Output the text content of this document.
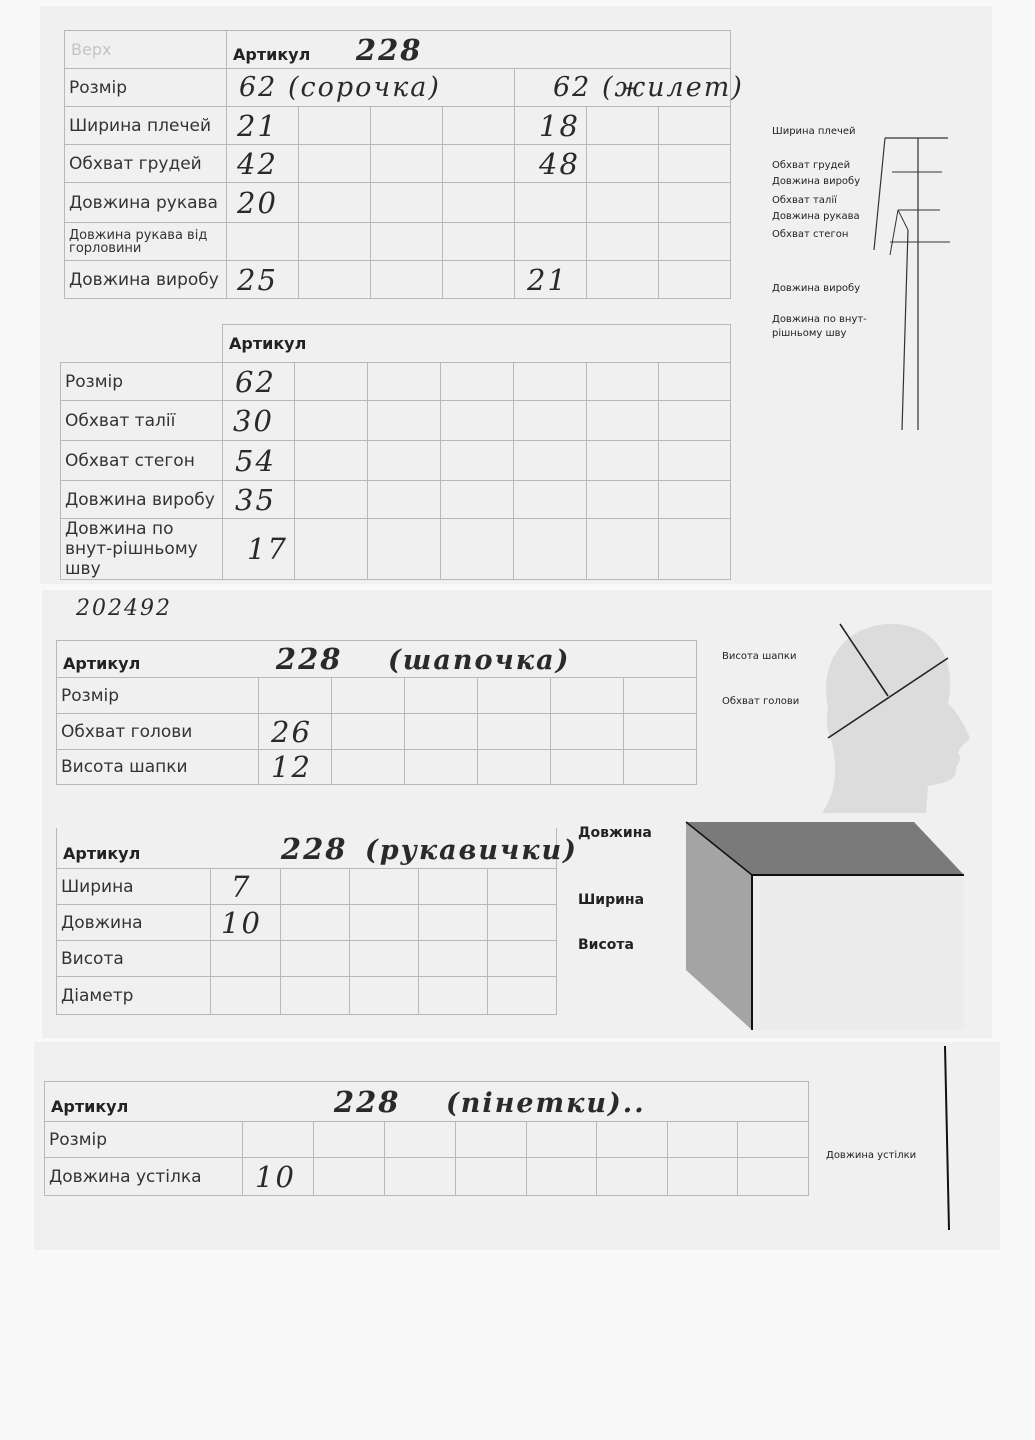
Верх	Артикул 228						
Розмір	62 (сорочка)				62 (жилет)		
Ширина плечей	21				18		
Обхват грудей	42				48		
Довжина рукава	20						
Довжина рукава від горловини							
Довжина виробу	25				21		
	Артикул						
Розмір	62						
Обхват талії	30						
Обхват стегон	54						
Довжина виробу	35						
Довжина по внут-рішньому шву	17						
Ширина плечей
Обхват грудей
Довжина виробу
Обхват талії
Довжина рукава
Обхват стегон
Довжина виробу
Довжина по внут-рішньому шву
202492
Артикул 228 (шапочка)						
Розмір						
Обхват голови	26					
Висота шапки	12					
Висота шапки
Обхват голови
Артикул 228 (рукавички)					
Ширина	7				
Довжина	10				
Висота					
Діаметр					
Довжина
Ширина
Висота
Артикул 228 (пінетки)..								
Розмір								
Довжина устілка	10							
Довжина устілки
